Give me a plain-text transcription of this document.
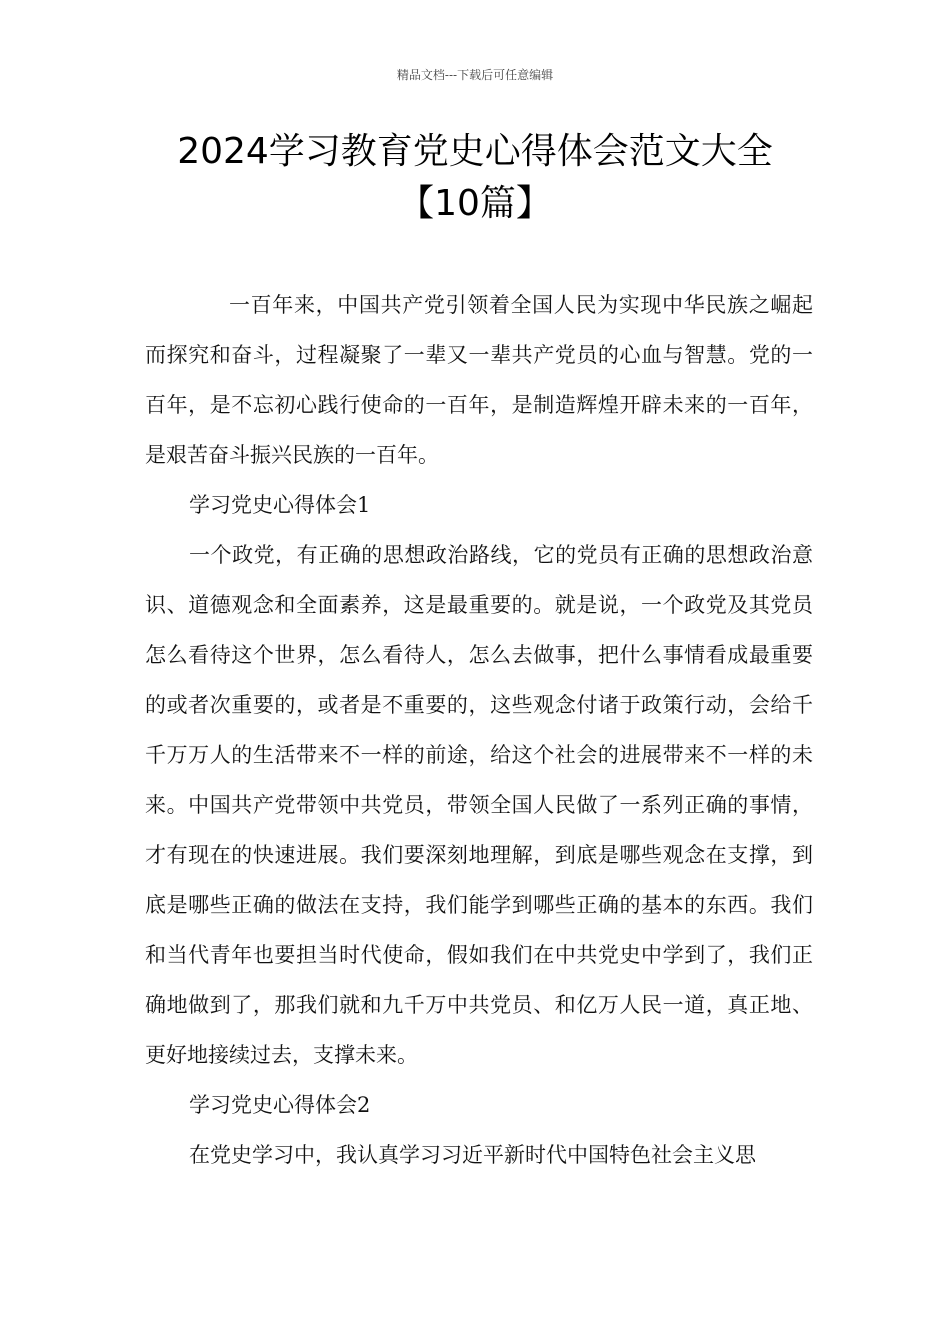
精品文档---下载后可任意编辑
2024学习教育党史心得体会范文大全
【10篇】

一百年来，中国共产党引领着全国人民为实现中华民族之崛起而探究和奋斗，过程凝聚了一辈又一辈共产党员的心血与智慧。党的一百年，是不忘初心践行使命的一百年，是制造辉煌开辟未来的一百年，是艰苦奋斗振兴民族的一百年。

学习党史心得体会1

一个政党，有正确的思想政治路线，它的党员有正确的思想政治意识、道德观念和全面素养，这是最重要的。就是说，一个政党及其党员怎么看待这个世界，怎么看待人，怎么去做事，把什么事情看成最重要的或者次重要的，或者是不重要的，这些观念付诸于政策行动，会给千千万万人的生活带来不一样的前途，给这个社会的进展带来不一样的未来。中国共产党带领中共党员，带领全国人民做了一系列正确的事情，才有现在的快速进展。我们要深刻地理解，到底是哪些观念在支撑，到底是哪些正确的做法在支持，我们能学到哪些正确的基本的东西。我们和当代青年也要担当时代使命，假如我们在中共党史中学到了，我们正确地做到了，那我们就和九千万中共党员、和亿万人民一道，真正地、更好地接续过去，支撑未来。

学习党史心得体会2

在党史学习中，我认真学习习近平新时代中国特色社会主义思
